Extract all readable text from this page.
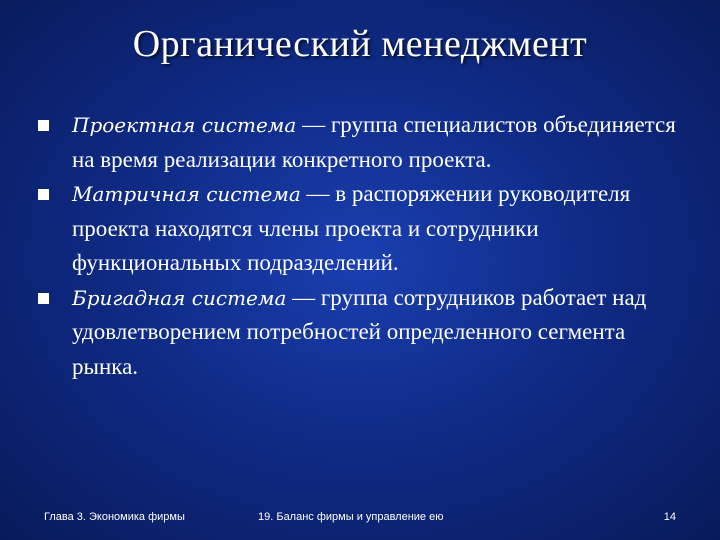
Органический менеджмент
Проектная система — группа специалистов объединяется на время реализации конкретного проекта.
Матричная система — в распоряжении руководителя проекта находятся члены проекта и сотрудники функциональных подразделений.
Бригадная система — группа сотрудников работает над удовлетворением потребностей определенного сегмента рынка.
Глава 3. Экономика фирмы	19. Баланс фирмы и управление ею	14
